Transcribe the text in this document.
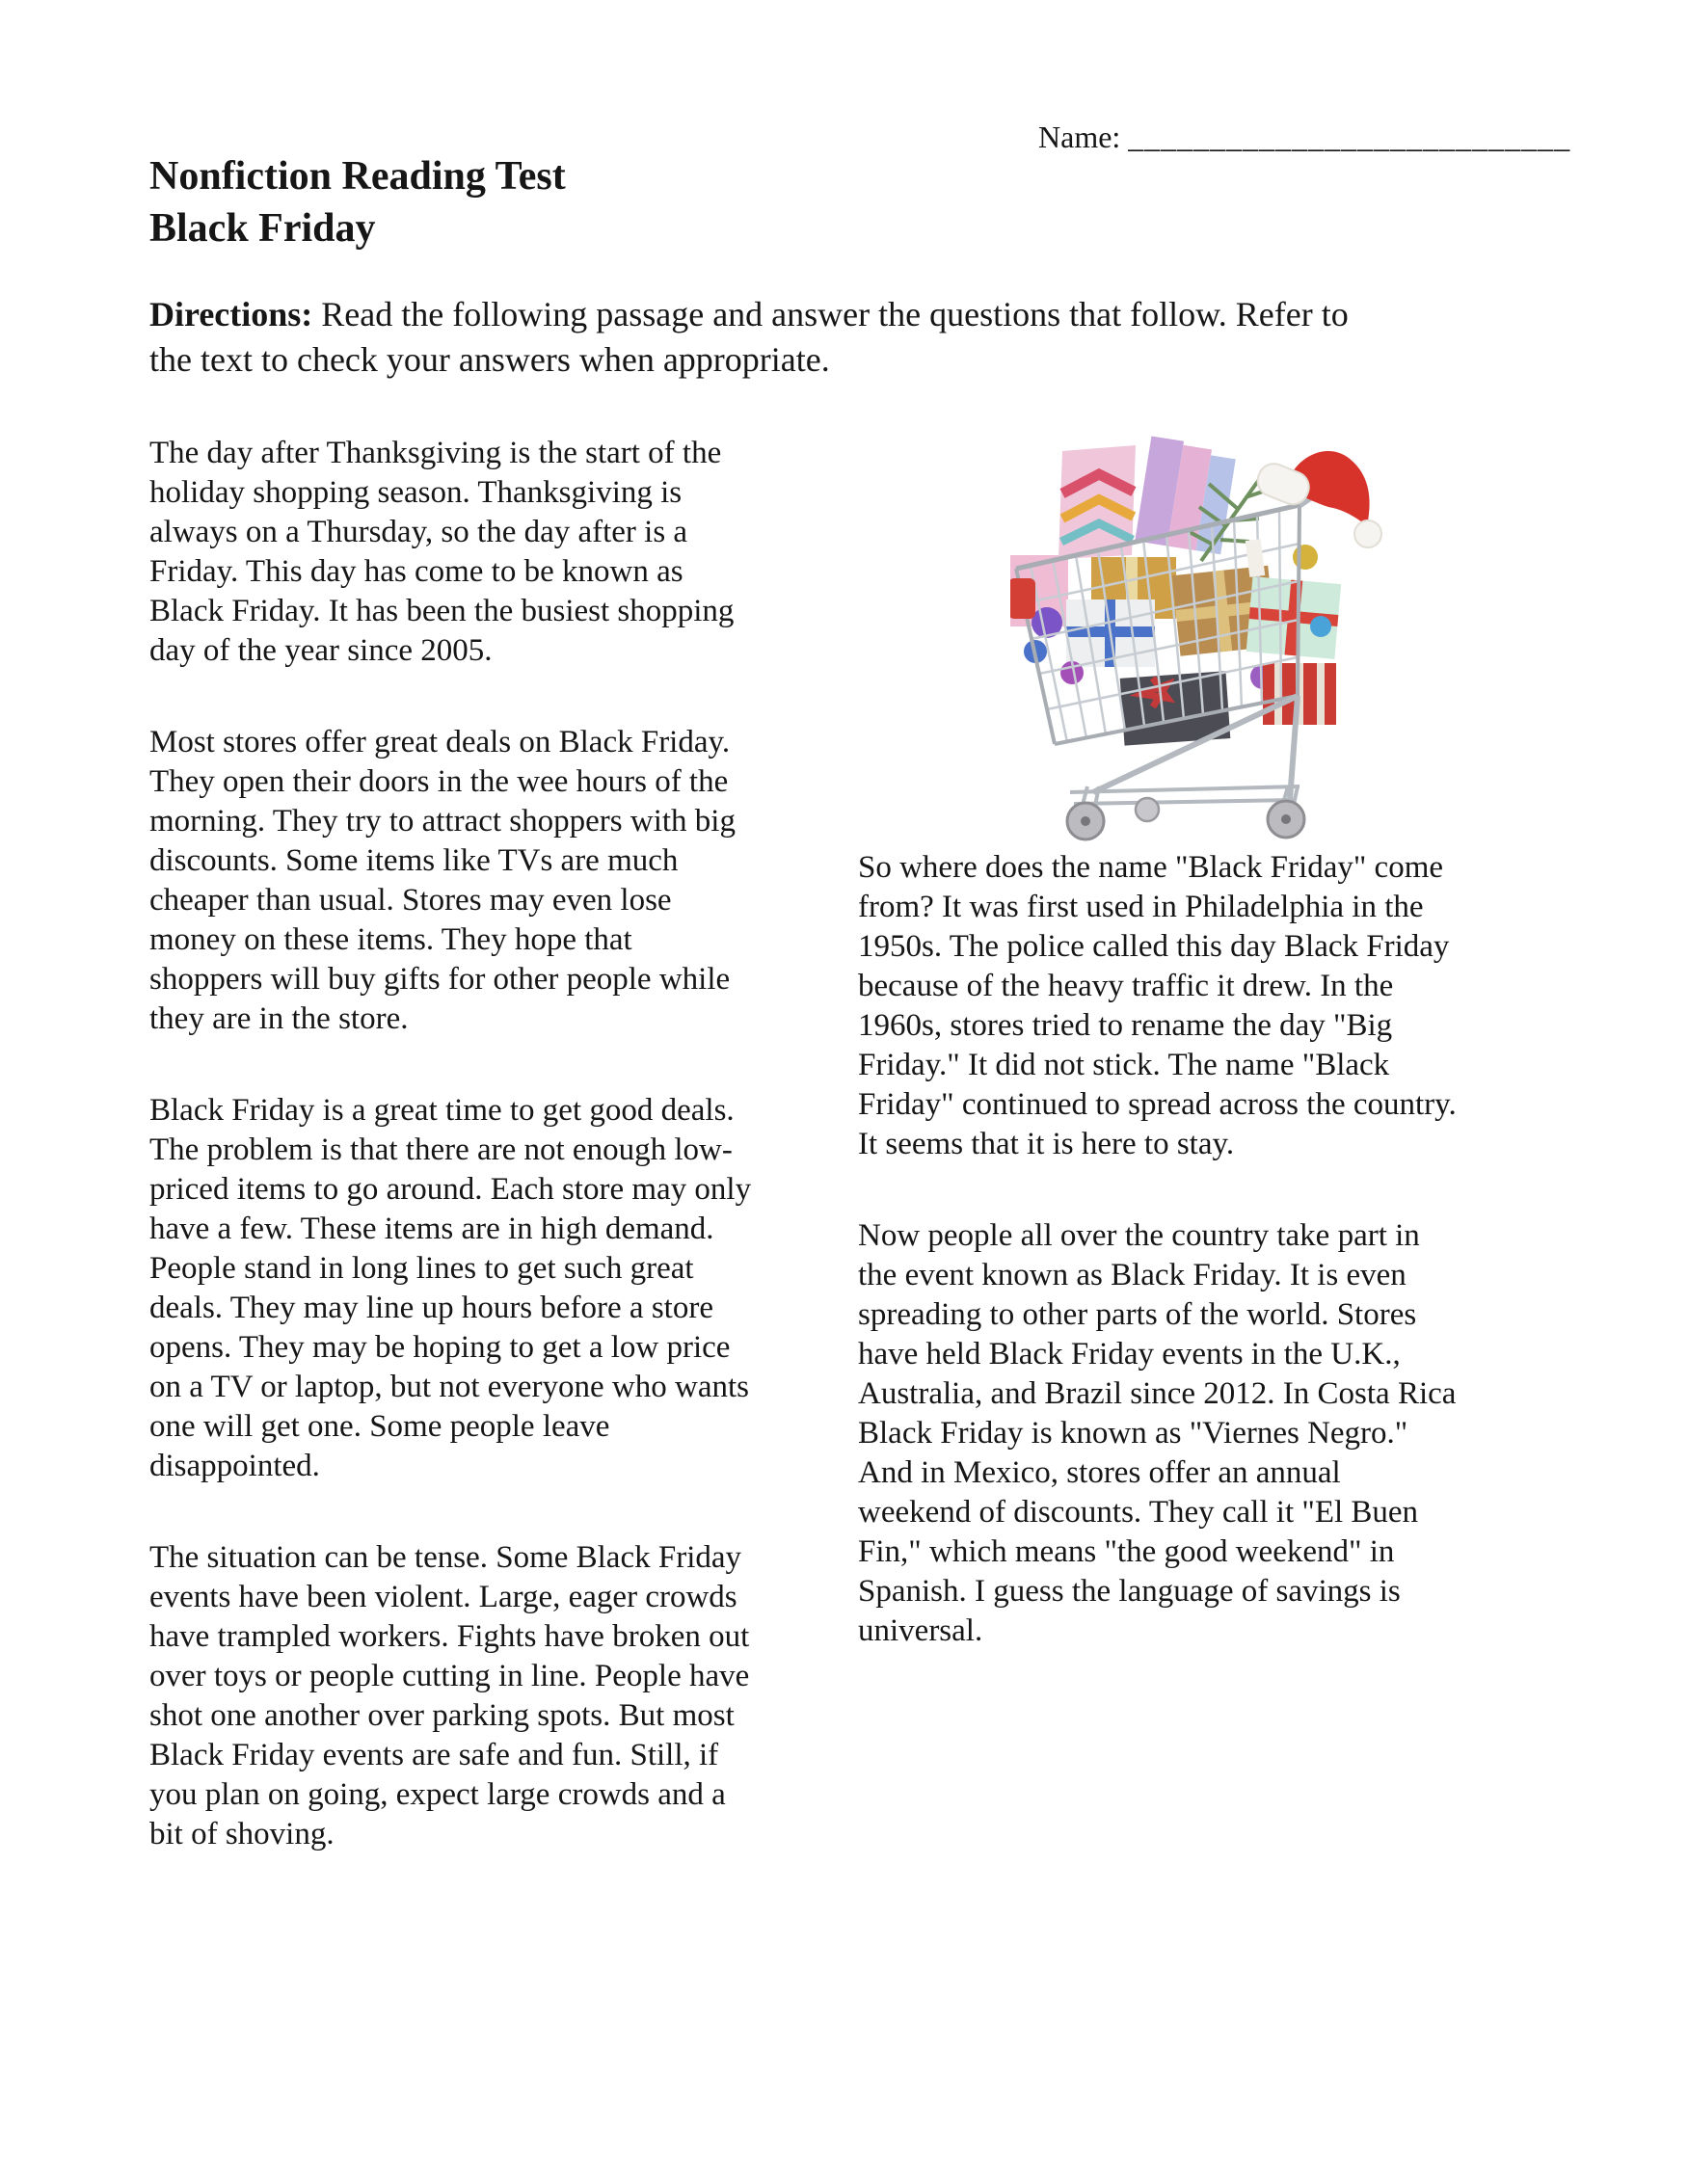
Name: ___________________________
Nonfiction Reading Test
Black Friday
Directions: Read the following passage and answer the questions that follow. Refer to
the text to check your answers when appropriate.

The day after Thanksgiving is the start of the
holiday shopping season. Thanksgiving is
always on a Thursday, so the day after is a
Friday. This day has come to be known as
Black Friday. It has been the busiest shopping
day of the year since 2005.

Most stores offer great deals on Black Friday.
They open their doors in the wee hours of the
morning. They try to attract shoppers with big
discounts. Some items like TVs are much
cheaper than usual. Stores may even lose
money on these items. They hope that
shoppers will buy gifts for other people while
they are in the store.

Black Friday is a great time to get good deals.
The problem is that there are not enough low-
priced items to go around. Each store may only
have a few. These items are in high demand.
People stand in long lines to get such great
deals. They may line up hours before a store
opens. They may be hoping to get a low price
on a TV or laptop, but not everyone who wants
one will get one. Some people leave
disappointed.

The situation can be tense. Some Black Friday
events have been violent. Large, eager crowds
have trampled workers. Fights have broken out
over toys or people cutting in line. People have
shot one another over parking spots. But most
Black Friday events are safe and fun. Still, if
you plan on going, expect large crowds and a
bit of shoving.

So where does the name "Black Friday" come
from? It was first used in Philadelphia in the
1950s. The police called this day Black Friday
because of the heavy traffic it drew. In the
1960s, stores tried to rename the day "Big
Friday." It did not stick. The name "Black
Friday" continued to spread across the country.
It seems that it is here to stay.

Now people all over the country take part in
the event known as Black Friday. It is even
spreading to other parts of the world. Stores
have held Black Friday events in the U.K.,
Australia, and Brazil since 2012. In Costa Rica
Black Friday is known as "Viernes Negro."
And in Mexico, stores offer an annual
weekend of discounts. They call it "El Buen
Fin," which means "the good weekend" in
Spanish. I guess the language of savings is
universal.
